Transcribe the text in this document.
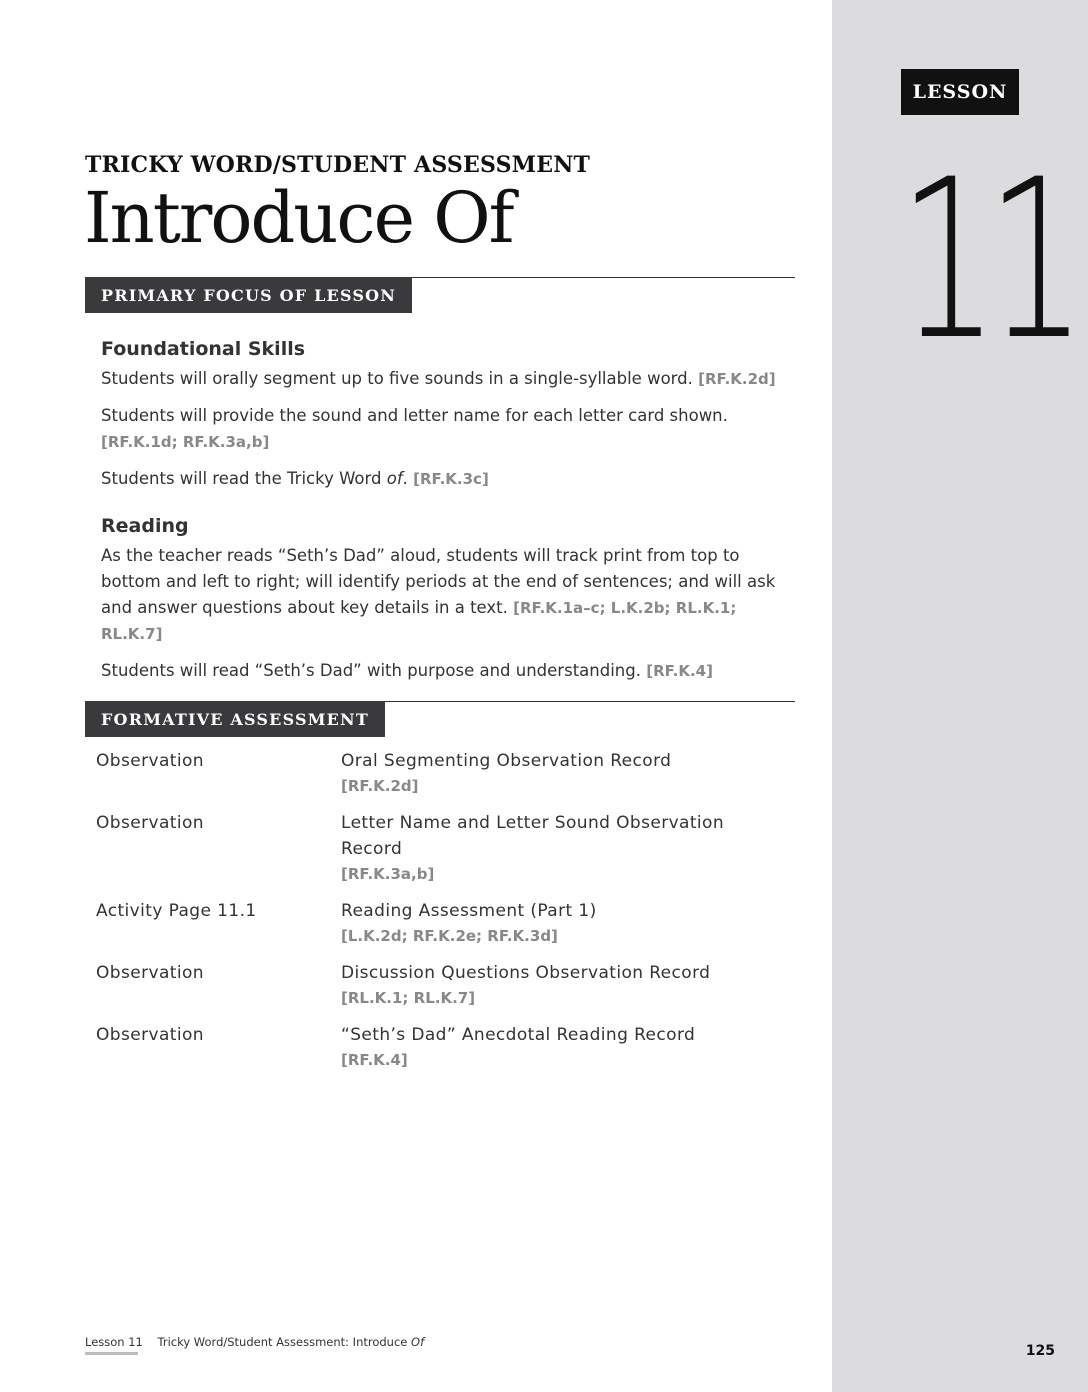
LESSON
11
125
TRICKY WORD/STUDENT ASSESSMENT
Introduce Of
PRIMARY FOCUS OF LESSON
Foundational Skills

Students will orally segment up to five sounds in a single-syllable word. [RF.K.2d]

Students will provide the sound and letter name for each letter card shown.
[RF.K.1d; RF.K.3a,b]

Students will read the Tricky Word of. [RF.K.3c]

Reading

As the teacher reads “Seth’s Dad” aloud, students will track print from top to bottom and left to right; will identify periods at the end of sentences; and will ask and answer questions about key details in a text. [RF.K.1a–c; L.K.2b; RL.K.1; RL.K.7]

Students will read “Seth’s Dad” with purpose and understanding. [RF.K.4]

FORMATIVE ASSESSMENT
Observation	Oral Segmenting Observation Record
[RF.K.2d]
Observation	Letter Name and Letter Sound Observation Record
[RF.K.3a,b]
Activity Page 11.1	Reading Assessment (Part 1)
[L.K.2d; RF.K.2e; RF.K.3d]
Observation	Discussion Questions Observation Record
[RL.K.1; RL.K.7]
Observation	“Seth’s Dad” Anecdotal Reading Record
[RF.K.4]
Lesson 11 Tricky Word/Student Assessment: Introduce Of
